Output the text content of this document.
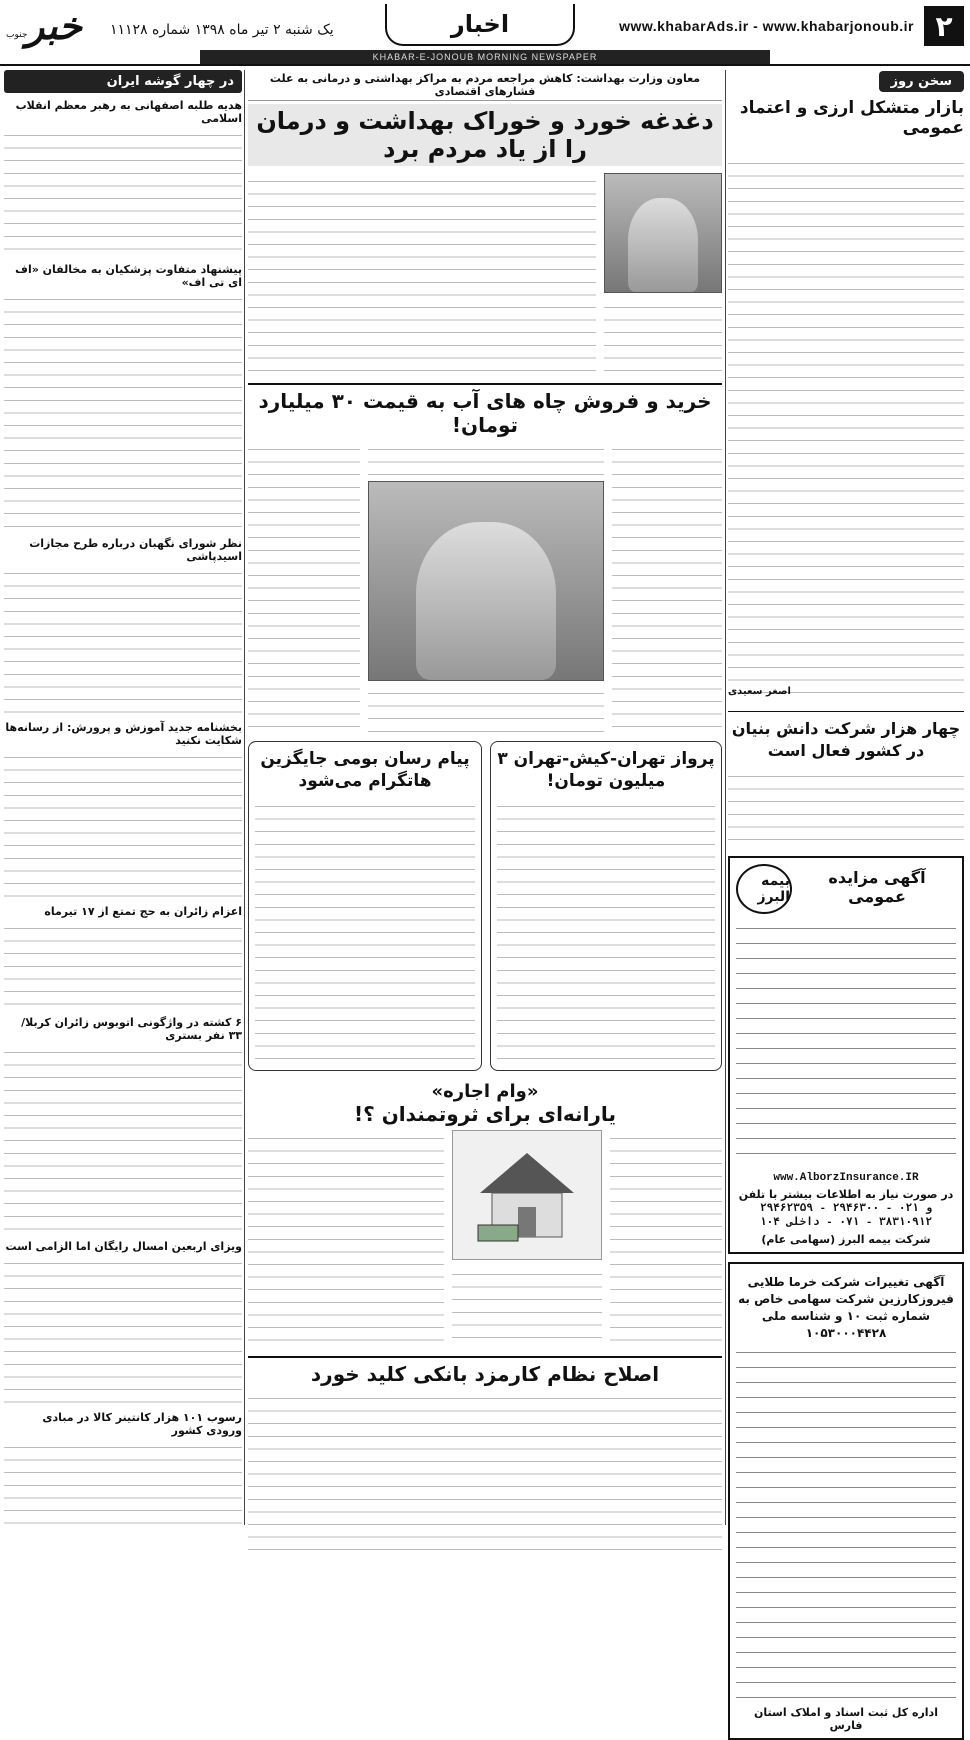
۲
www.khabarAds.ir - www.khabarjonoub.ir
اخبار
یک شنبه ۲ تیر ماه ۱۳۹۸ شماره ۱۱۱۲۸
خبر
جنوب
KHABAR-E-JONOUB MORNING NEWSPAPER
سخن روز
بازار متشکل ارزی و اعتماد عمومی
اصغر سعیدی
چهار هزار شرکت دانش بنیان در کشور فعال است
بیمه البرز
آگهی مزایده عمومی
www.AlborzInsurance.IR
در صورت نیاز به اطلاعات بیشتر با تلفن
۲۹۴۶۲۳۵۹ - ۲۹۴۶۳۰۰ - ۰۲۱ و ۳۸۳۱۰۹۱۲ - ۰۷۱ - داخلی ۱۰۴
شرکت بیمه البرز (سهامی عام)
آگهی تغییرات شرکت خرما طلایی فیروزکارزین شرکت سهامی خاص به شماره ثبت ۱۰ و شناسه ملی ۱۰۵۳۰۰۰۴۴۲۸
اداره کل ثبت اسناد و املاک استان فارس
معاون وزارت بهداشت: کاهش مراجعه مردم به مراکز بهداشتی و درمانی به علت فشارهای اقتصادی
دغدغه خورد و خوراک بهداشت و درمان را از یاد مردم برد
خرید و فروش چاه های آب به قیمت ۳۰ میلیارد تومان!
پرواز تهران-کیش-تهران ۳ میلیون تومان!
پیام رسان بومی جایگزین هاتگرام می‌شود
«وام اجاره»
یارانه‌ای برای ثروتمندان ؟!
اصلاح نظام کارمزد بانکی کلید خورد
در چهار گوشه ایران
هدیه طلبه اصفهانی به رهبر معظم انقلاب اسلامی
پیشنهاد متفاوت پزشکیان به مخالفان «اف ای تی اف»
نظر شورای نگهبان درباره طرح مجازات اسیدپاشی
بخشنامه جدید آموزش و پرورش: از رسانه‌ها شکایت نکنید
اعزام زائران به حج تمتع از ۱۷ تیرماه
۶ کشته در واژگونی اتوبوس زائران کربلا/ ۳۳ نفر بستری
ویزای اربعین امسال رایگان اما الزامی است
رسوب ۱۰۱ هزار کانتینر کالا در مبادی ورودی کشور
